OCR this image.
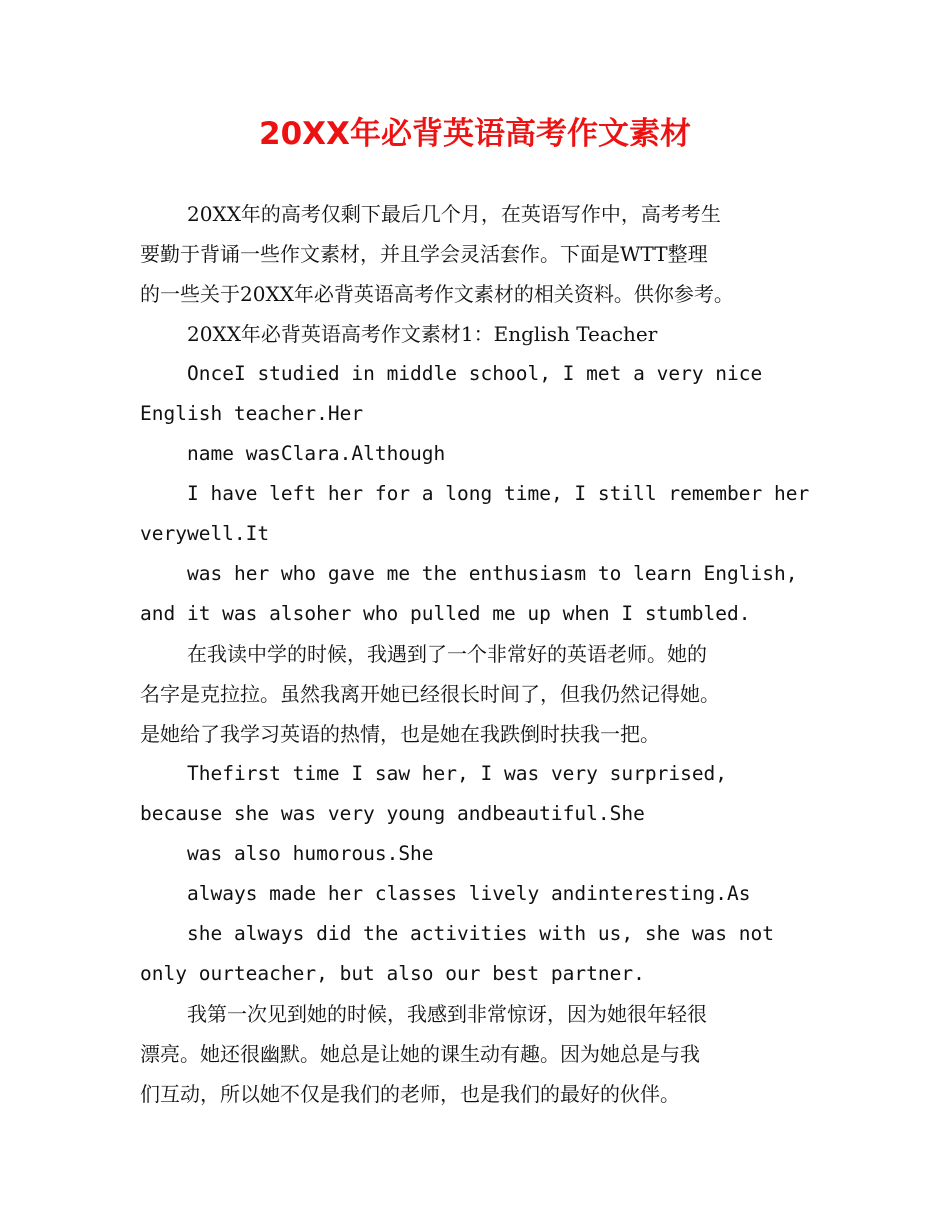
20XX年必背英语高考作文素材
20XX年的高考仅剩下最后几个月，在英语写作中，高考考生
要勤于背诵一些作文素材，并且学会灵活套作。下面是WTT整理
的一些关于20XX年必背英语高考作文素材的相关资料。供你参考。
20XX年必背英语高考作文素材1：English Teacher
OnceI studied in middle school, I met a very nice
English teacher.Her
name wasClara.Although
I have left her for a long time, I still remember her
verywell.It
was her who gave me the enthusiasm to learn English,
and it was alsoher who pulled me up when I stumbled.
在我读中学的时候，我遇到了一个非常好的英语老师。她的
名字是克拉拉。虽然我离开她已经很长时间了，但我仍然记得她。
是她给了我学习英语的热情，也是她在我跌倒时扶我一把。
Thefirst time I saw her, I was very surprised,
because she was very young andbeautiful.She
was also humorous.She
always made her classes lively andinteresting.As
she always did the activities with us, she was not
only ourteacher, but also our best partner.
我第一次见到她的时候，我感到非常惊讶，因为她很年轻很
漂亮。她还很幽默。她总是让她的课生动有趣。因为她总是与我
们互动，所以她不仅是我们的老师，也是我们的最好的伙伴。
